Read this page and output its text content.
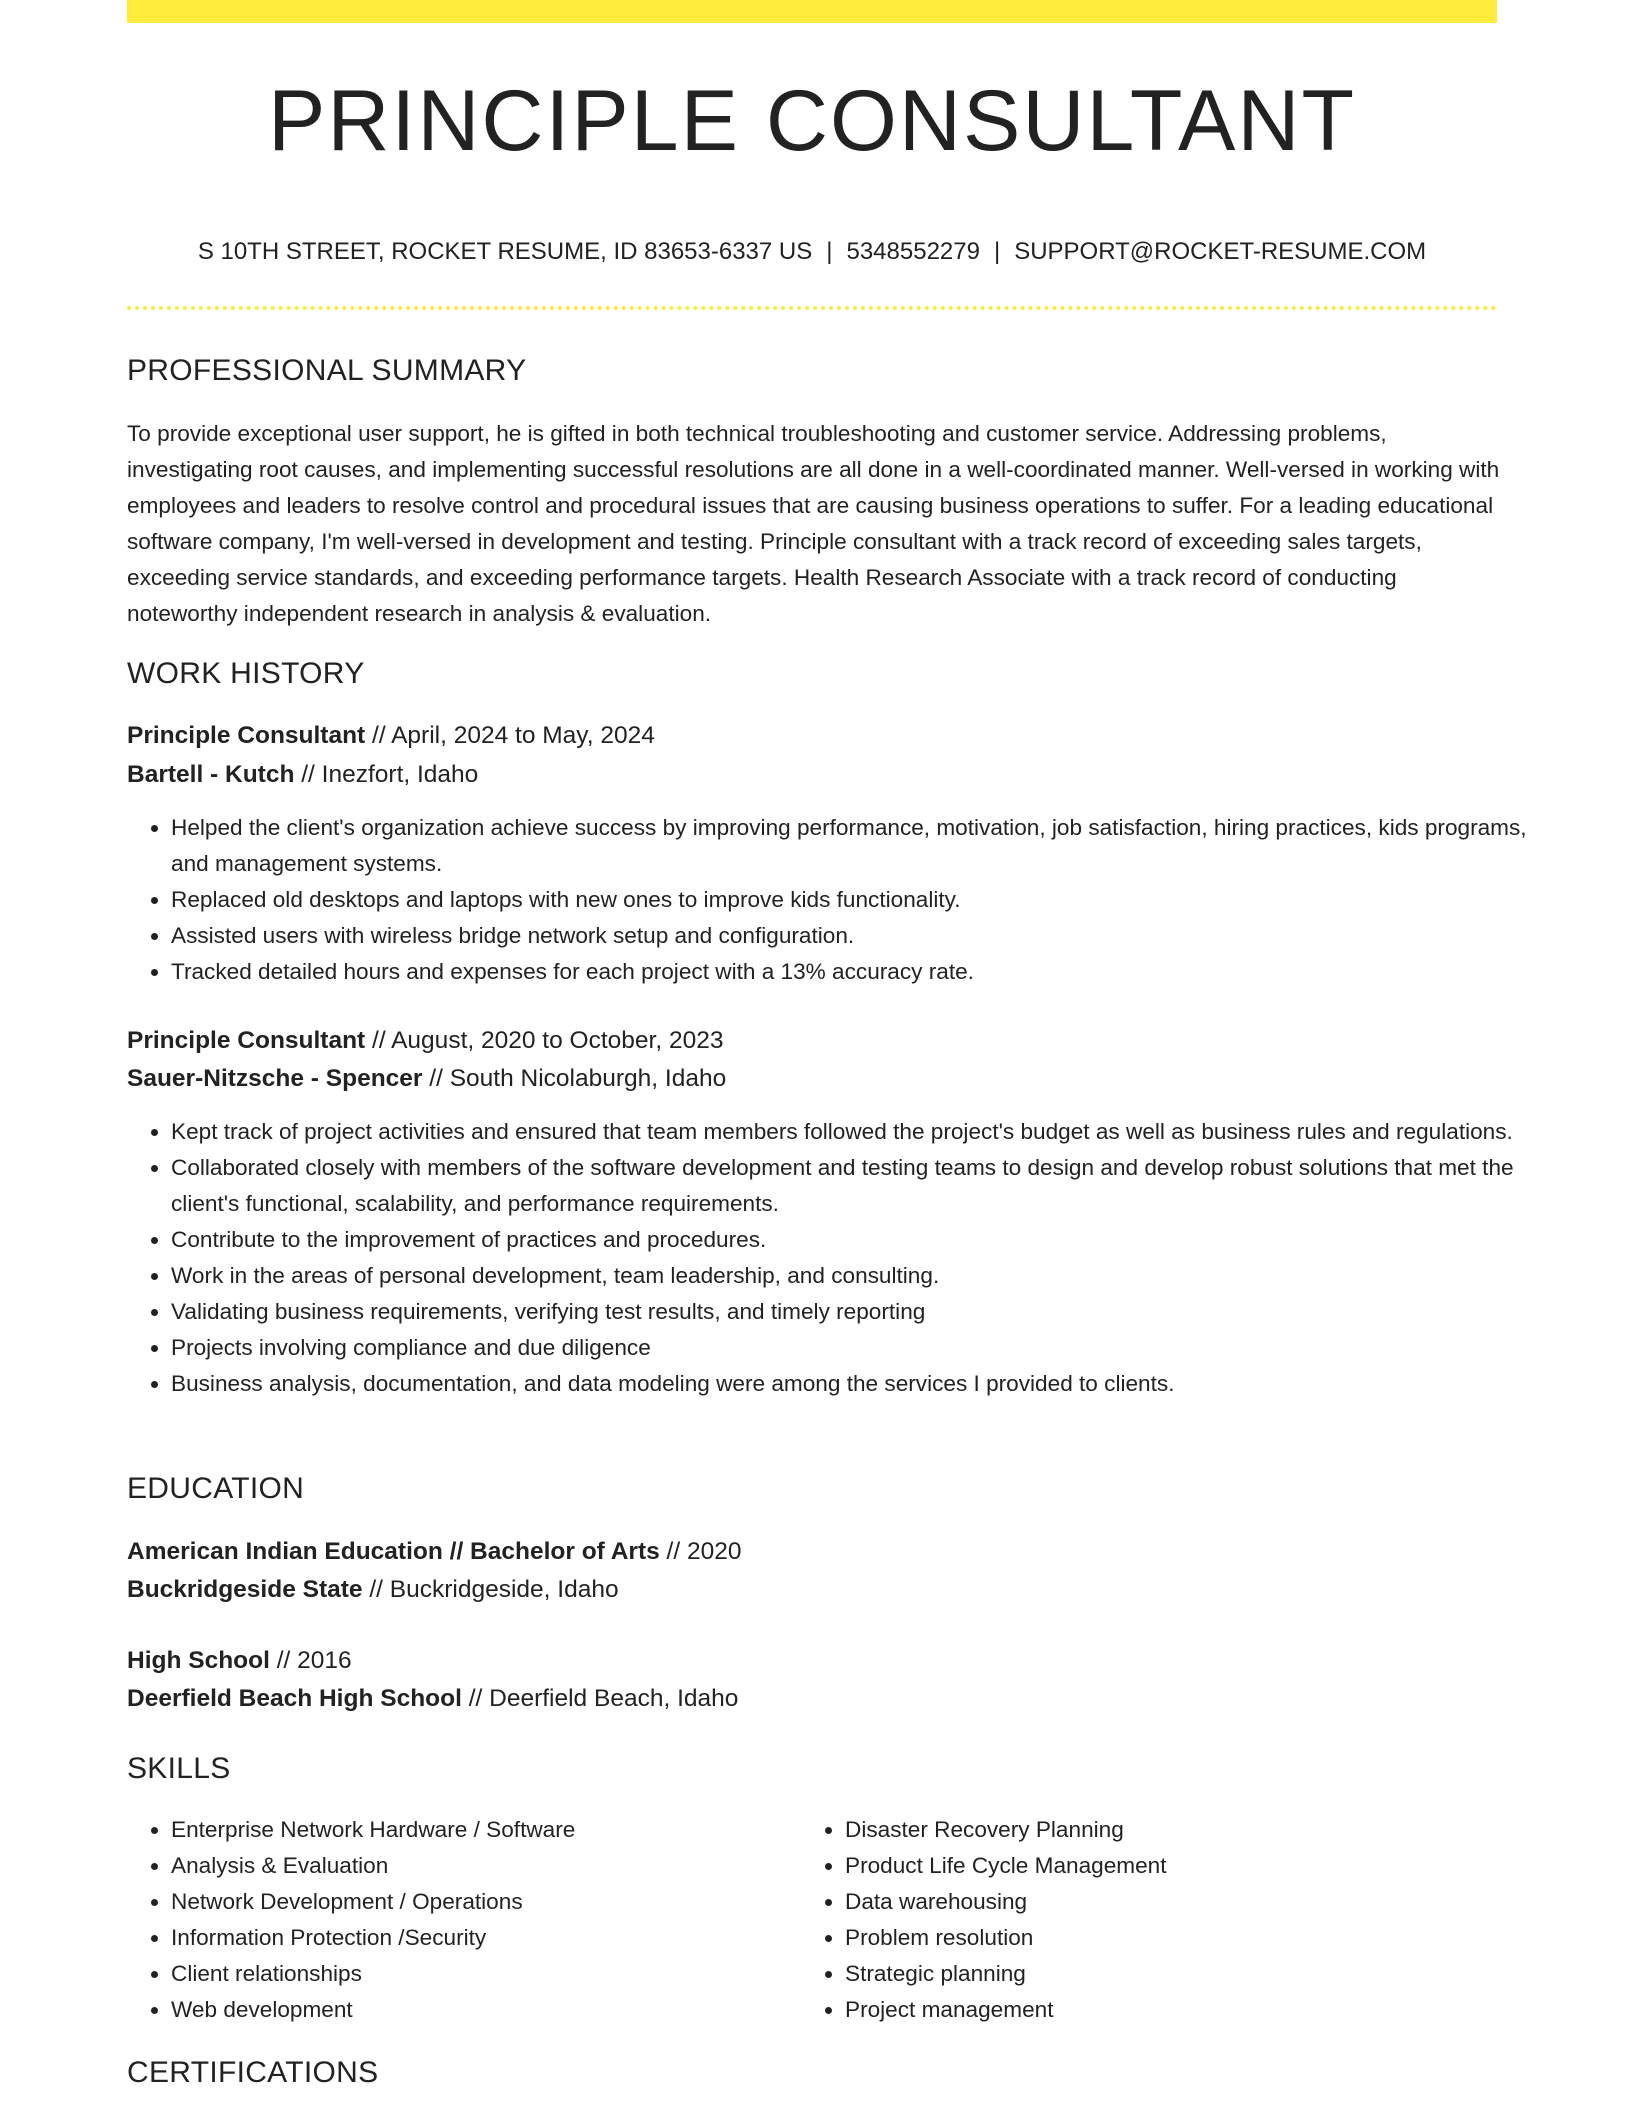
PRINCIPLE CONSULTANT
S 10TH STREET, ROCKET RESUME, ID 83653-6337 US | 5348552279 | SUPPORT@ROCKET-RESUME.COM
PROFESSIONAL SUMMARY
To provide exceptional user support, he is gifted in both technical troubleshooting and customer service. Addressing problems, investigating root causes, and implementing successful resolutions are all done in a well-coordinated manner. Well-versed in working with employees and leaders to resolve control and procedural issues that are causing business operations to suffer. For a leading educational software company, I'm well-versed in development and testing. Principle consultant with a track record of exceeding sales targets, exceeding service standards, and exceeding performance targets. Health Research Associate with a track record of conducting noteworthy independent research in analysis & evaluation.
WORK HISTORY
Principle Consultant // April, 2024 to May, 2024
Bartell - Kutch // Inezfort, Idaho
• Helped the client's organization achieve success by improving performance, motivation, job satisfaction, hiring practices, kids programs, and management systems.
• Replaced old desktops and laptops with new ones to improve kids functionality.
• Assisted users with wireless bridge network setup and configuration.
• Tracked detailed hours and expenses for each project with a 13% accuracy rate.
Principle Consultant // August, 2020 to October, 2023
Sauer-Nitzsche - Spencer // South Nicolaburgh, Idaho
• Kept track of project activities and ensured that team members followed the project's budget as well as business rules and regulations.
• Collaborated closely with members of the software development and testing teams to design and develop robust solutions that met the client's functional, scalability, and performance requirements.
• Contribute to the improvement of practices and procedures.
• Work in the areas of personal development, team leadership, and consulting.
• Validating business requirements, verifying test results, and timely reporting
• Projects involving compliance and due diligence
• Business analysis, documentation, and data modeling were among the services I provided to clients.
EDUCATION
American Indian Education // Bachelor of Arts // 2020
Buckridgeside State // Buckridgeside, Idaho
High School // 2016
Deerfield Beach High School // Deerfield Beach, Idaho
SKILLS
• Enterprise Network Hardware / Software
• Analysis & Evaluation
• Network Development / Operations
• Information Protection /Security
• Client relationships
• Web development
• Disaster Recovery Planning
• Product Life Cycle Management
• Data warehousing
• Problem resolution
• Strategic planning
• Project management
CERTIFICATIONS
